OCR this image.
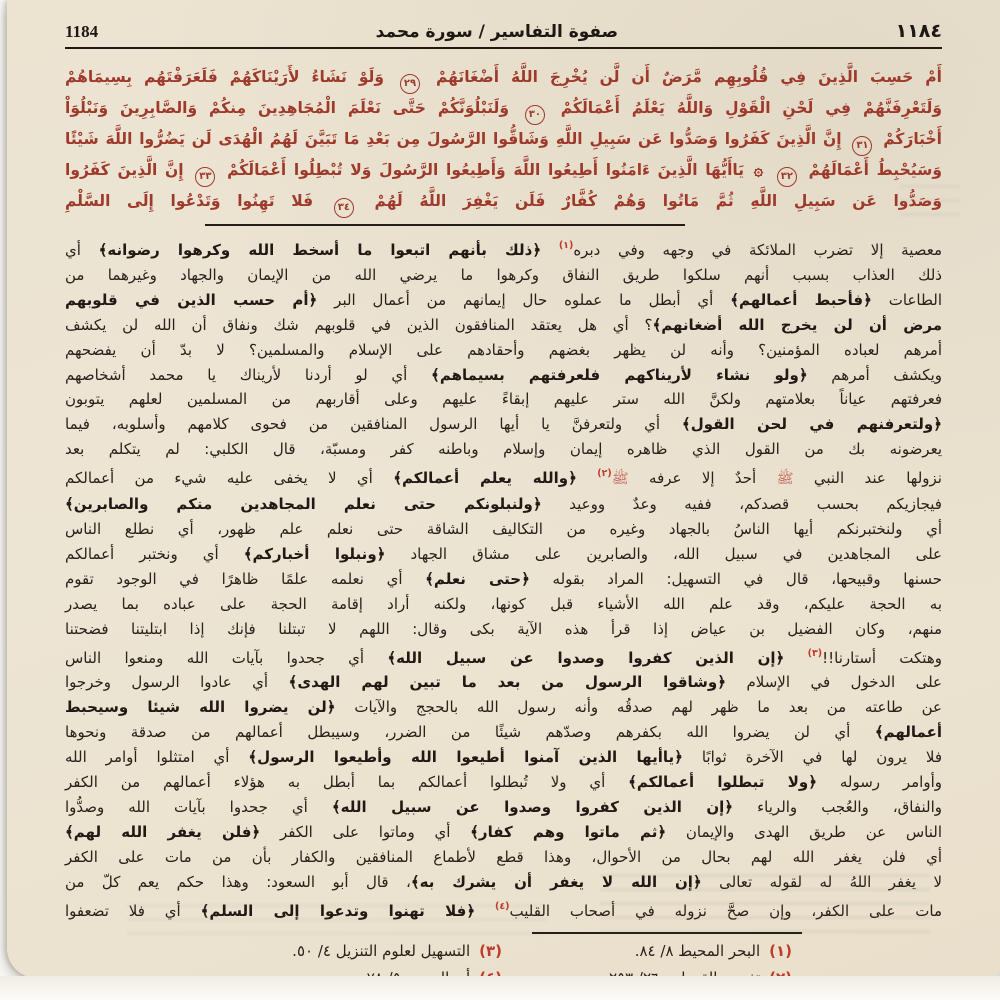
١١٨٤
صفوة التفاسير / سورة محمد
1184
أَمْ حَسِبَ الَّذِينَ فِي قُلُوبِهِم مَّرَضٌ أَن لَّن يُخْرِجَ اللَّهُ أَضْغَانَهُمْ ٢٩ وَلَوْ نَشَاءُ لأَرَيْنَاكَهُمْ فَلَعَرَفْتَهُم بِسِيمَاهُمْ
وَلَتَعْرِفَنَّهُمْ فِي لَحْنِ الْقَوْلِ وَاللَّهُ يَعْلَمُ أَعْمَالَكُمْ ٣٠ وَلَنَبْلُوَنَّكُمْ حَتَّى نَعْلَمَ الْمُجَاهِدِينَ مِنكُمْ وَالصَّابِرِينَ وَنَبْلُوَاْ
أَخْبَارَكُمْ ٣١ إِنَّ الَّذِينَ كَفَرُوا وَصَدُّوا عَن سَبِيلِ اللَّهِ وَشَاقُّوا الرَّسُولَ مِن بَعْدِ مَا تَبَيَّنَ لَهُمُ الْهُدَى لَن يَضُرُّوا اللَّهَ شَيْئًا
وَسَيُحْبِطُ أَعْمَالَهُمْ ٣٢ ۞ يَاأَيُّهَا الَّذِينَ ءَامَنُوا أَطِيعُوا اللَّهَ وَأَطِيعُوا الرَّسُولَ وَلا تُبْطِلُوا أَعْمَالَكُمْ ٣٣ إِنَّ الَّذِينَ كَفَرُوا
وَصَدُّوا عَن سَبِيلِ اللَّهِ ثُمَّ مَاتُوا وَهُمْ كُفَّارٌ فَلَن يَغْفِرَ اللَّهُ لَهُمْ ٣٤ فَلا تَهِنُوا وَتَدْعُوا إِلَى السَّلْمِ
معصية إلا تضرب الملائكة في وجهه وفي دبره$^{(١)}$ ﴿ذلك بأنهم اتبعوا ما أسخط الله وكرهوا رضوانه﴾ أي
ذلك العذاب بسبب أنهم سلكوا طريق النفاق وكرهوا ما يرضي الله من الإيمان والجهاد وغيرهما من
الطاعات ﴿فأحبط أعمالهم﴾ أي أبطل ما عملوه حال إيمانهم من أعمال البر ﴿أم حسب الذين في قلوبهم
مرض أن لن يخرج الله أضغانهم﴾؟ أي هل يعتقد المنافقون الذين في قلوبهم شك ونفاق أن الله لن يكشف
أمرهم لعباده المؤمنين؟ وأنه لن يظهر بغضهم وأحقادهم على الإسلام والمسلمين؟ لا بدّ أن يفضحهم
ويكشف أمرهم ﴿ولو نشاء لأريناكهم فلعرفتهم بسيماهم﴾ أي لو أردنا لأريناك يا محمد أشخاصهم
فعرفتهم عياناً بعلامتهم ولكنَّ الله ستر عليهم إبقاءً عليهم وعلى أقاربهم من المسلمين لعلهم يتوبون
﴿ولتعرفنهم في لحن القول﴾ أي ولتعرفنَّ يا أيها الرسول المنافقين من فحوى كلامهم وأسلوبه، فيما
يعرضونه بك من القول الذي ظاهره إيمان وإسلام وباطنه كفر ومسبّة، قال الكلبي: لم يتكلم بعد
نزولها عند النبي ﷺ أحدٌ إلا عرفه ﷺ$^{(٢)}$ ﴿والله يعلم أعمالكم﴾ أي لا يخفى عليه شيء من أعمالكم
فيجازيكم بحسب قصدكم، ففيه وعدٌ ووعيد ﴿ولنبلونكم حتى نعلم المجاهدين منكم والصابرين﴾
أي ولنختبرنكم أيها الناسُ بالجهاد وغيره من التكاليف الشاقة حتى نعلم علم ظهور، أي نطلع الناس
على المجاهدين في سبيل الله، والصابرين على مشاق الجهاد ﴿ونبلوا أخباركم﴾ أي ونختبر أعمالكم
حسنها وقبيحها، قال في التسهيل: المراد بقوله ﴿حتى نعلم﴾ أي نعلمه علمًا ظاهرًا في الوجود تقوم
به الحجة عليكم، وقد علم الله الأشياء قبل كونها، ولكنه أراد إقامة الحجة على عباده بما يصدر
منهم، وكان الفضيل بن عياض إذا قرأ هذه الآية بكى وقال: اللهم لا تبتلنا فإنك إذا ابتليتنا فضحتنا
وهتكت أستارنا!!$^{(٣)}$ ﴿إن الذين كفروا وصدوا عن سبيل الله﴾ أي جحدوا بآيات الله ومنعوا الناس
على الدخول في الإسلام ﴿وشاقوا الرسول من بعد ما تبين لهم الهدى﴾ أي عادوا الرسول وخرجوا
عن طاعته من بعد ما ظهر لهم صدقُه وأنه رسول الله بالحجج والآيات ﴿لن يضروا الله شيئا وسيحبط
أعمالهم﴾ أي لن يضروا الله بكفرهم وصدّهم شيئًا من الضرر، وسيبطل أعمالهم من صدقة ونحوها
فلا يرون لها في الآخرة ثوابًا ﴿ياأيها الذين آمنوا أطيعوا الله وأطيعوا الرسول﴾ أي امتثلوا أوامر الله
وأوامر رسوله ﴿ولا تبطلوا أعمالكم﴾ أي ولا تُبطلوا أعمالكم بما أبطل به هؤلاء أعمالهم من الكفر
والنفاق، والعُجب والرياء ﴿إن الذين كفروا وصدوا عن سبيل الله﴾ أي جحدوا بآيات الله وصدُّوا
الناس عن طريق الهدى والإيمان ﴿ثم ماتوا وهم كفار﴾ أي وماتوا على الكفر ﴿فلن يغفر الله لهم﴾
أي فلن يغفر الله لهم بحال من الأحوال، وهذا قطع لأطماع المنافقين والكفار بأن من مات على الكفر
لا يغفر اللهُ له لقوله تعالى ﴿إن الله لا يغفر أن يشرك به﴾، قال أبو السعود: وهذا حكم يعم كلّ من
مات على الكفر، وإن صحَّ نزوله في أصحاب القليب$^{(٤)}$ ﴿فلا تهنوا وتدعوا إلى السلم﴾ أي فلا تضعفوا
(١)البحر المحيط ٨/ ٨٤.
(٣)التسهيل لعلوم التنزيل ٤/ ٥٠.
